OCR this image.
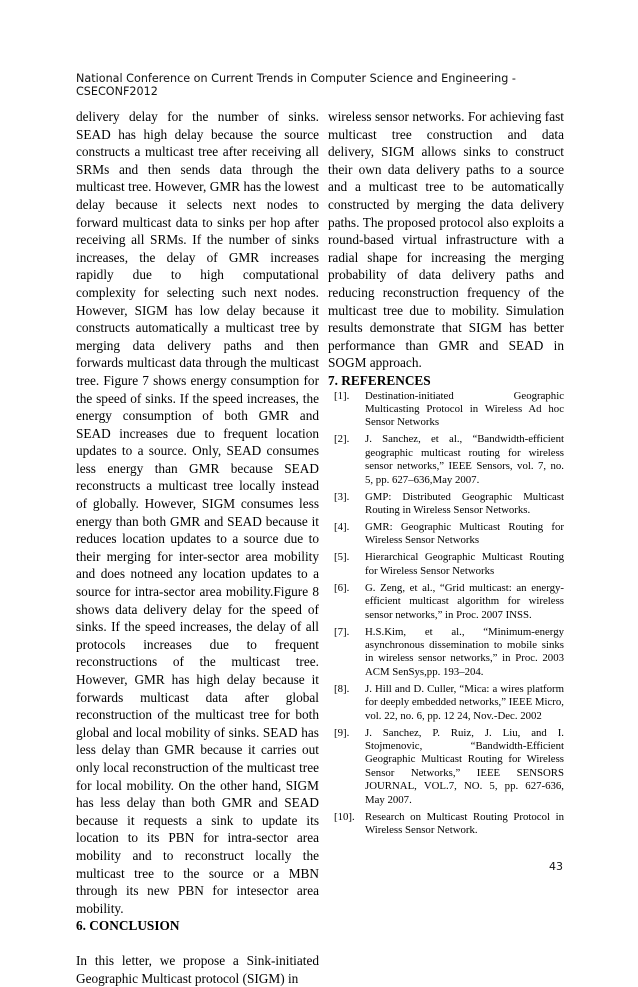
National Conference on Current Trends in Computer Science and Engineering - CSECONF2012

delivery delay for the number of sinks. SEAD has high delay because the source constructs a multicast tree after receiving all SRMs and then sends data through the multicast tree. However, GMR has the lowest delay because it selects next nodes to forward multicast data to sinks per hop after receiving all SRMs. If the number of sinks increases, the delay of GMR increases rapidly due to high computational complexity for selecting such next nodes. However, SIGM has low delay because it constructs automatically a multicast tree by merging data delivery paths and then forwards multicast data through the multicast tree. Figure 7 shows energy consumption for the speed of sinks. If the speed increases, the energy consumption of both GMR and SEAD increases due to frequent location updates to a source. Only, SEAD consumes less energy than GMR because SEAD reconstructs a multicast tree locally instead of globally. However, SIGM consumes less energy than both GMR and SEAD because it reduces location updates to a source due to their merging for inter-sector area mobility and does notneed any location updates to a source for intra-sector area mobility.Figure 8 shows data delivery delay for the speed of sinks. If the speed increases, the delay of all protocols increases due to frequent reconstructions of the multicast tree. However, GMR has high delay because it forwards multicast data after global reconstruction of the multicast tree for both global and local mobility of sinks. SEAD has less delay than GMR because it carries out only local reconstruction of the multicast tree for local mobility. On the other hand, SIGM has less delay than both GMR and SEAD because it requests a sink to update its location to its PBN for intra-sector area mobility and to reconstruct locally the multicast tree to the source or a MBN through its new PBN for intesector area mobility.

6. CONCLUSION

In this letter, we propose a Sink-initiated Geographic Multicast protocol (SIGM) in

wireless sensor networks. For achieving fast multicast tree construction and data delivery, SIGM allows sinks to construct their own data delivery paths to a source and a multicast tree to be automatically constructed by merging the data delivery paths. The proposed protocol also exploits a round-based virtual infrastructure with a radial shape for increasing the merging probability of data delivery paths and reducing reconstruction frequency of the multicast tree due to mobility. Simulation results demonstrate that SIGM has better performance than GMR and SEAD in SOGM approach.

7. REFERENCES

[1].	Destination-initiated Geographic Multicasting Protocol in Wireless Ad hoc Sensor Networks
[2].	J. Sanchez, et al., “Bandwidth-efficient geographic multicast routing for wireless sensor networks,” IEEE Sensors, vol. 7, no. 5, pp. 627–636,May 2007.
[3].	GMP: Distributed Geographic Multicast Routing in Wireless Sensor Networks.
[4].	GMR: Geographic Multicast Routing for Wireless Sensor Networks
[5].	Hierarchical Geographic Multicast Routing for Wireless Sensor Networks
[6].	G. Zeng, et al., “Grid multicast: an energy-efficient multicast algorithm for wireless sensor networks,” in Proc. 2007 INSS.
[7].	H.S.Kim, et al., “Minimum-energy asynchronous dissemination to mobile sinks in wireless sensor networks,” in Proc. 2003 ACM SenSys,pp. 193–204.
[8].	J. Hill and D. Culler, “Mica: a wires platform for deeply embedded networks,” IEEE Micro, vol. 22, no. 6, pp. 12 24, Nov.-Dec. 2002
[9].	J. Sanchez, P. Ruiz, J. Liu, and I. Stojmenovic, “Bandwidth-Efficient Geographic Multicast Routing for Wireless Sensor Networks,” IEEE SENSORS JOURNAL, VOL.7, NO. 5, pp. 627-636, May 2007.
[10]. Research on Multicast Routing Protocol in Wireless Sensor Network.
43
